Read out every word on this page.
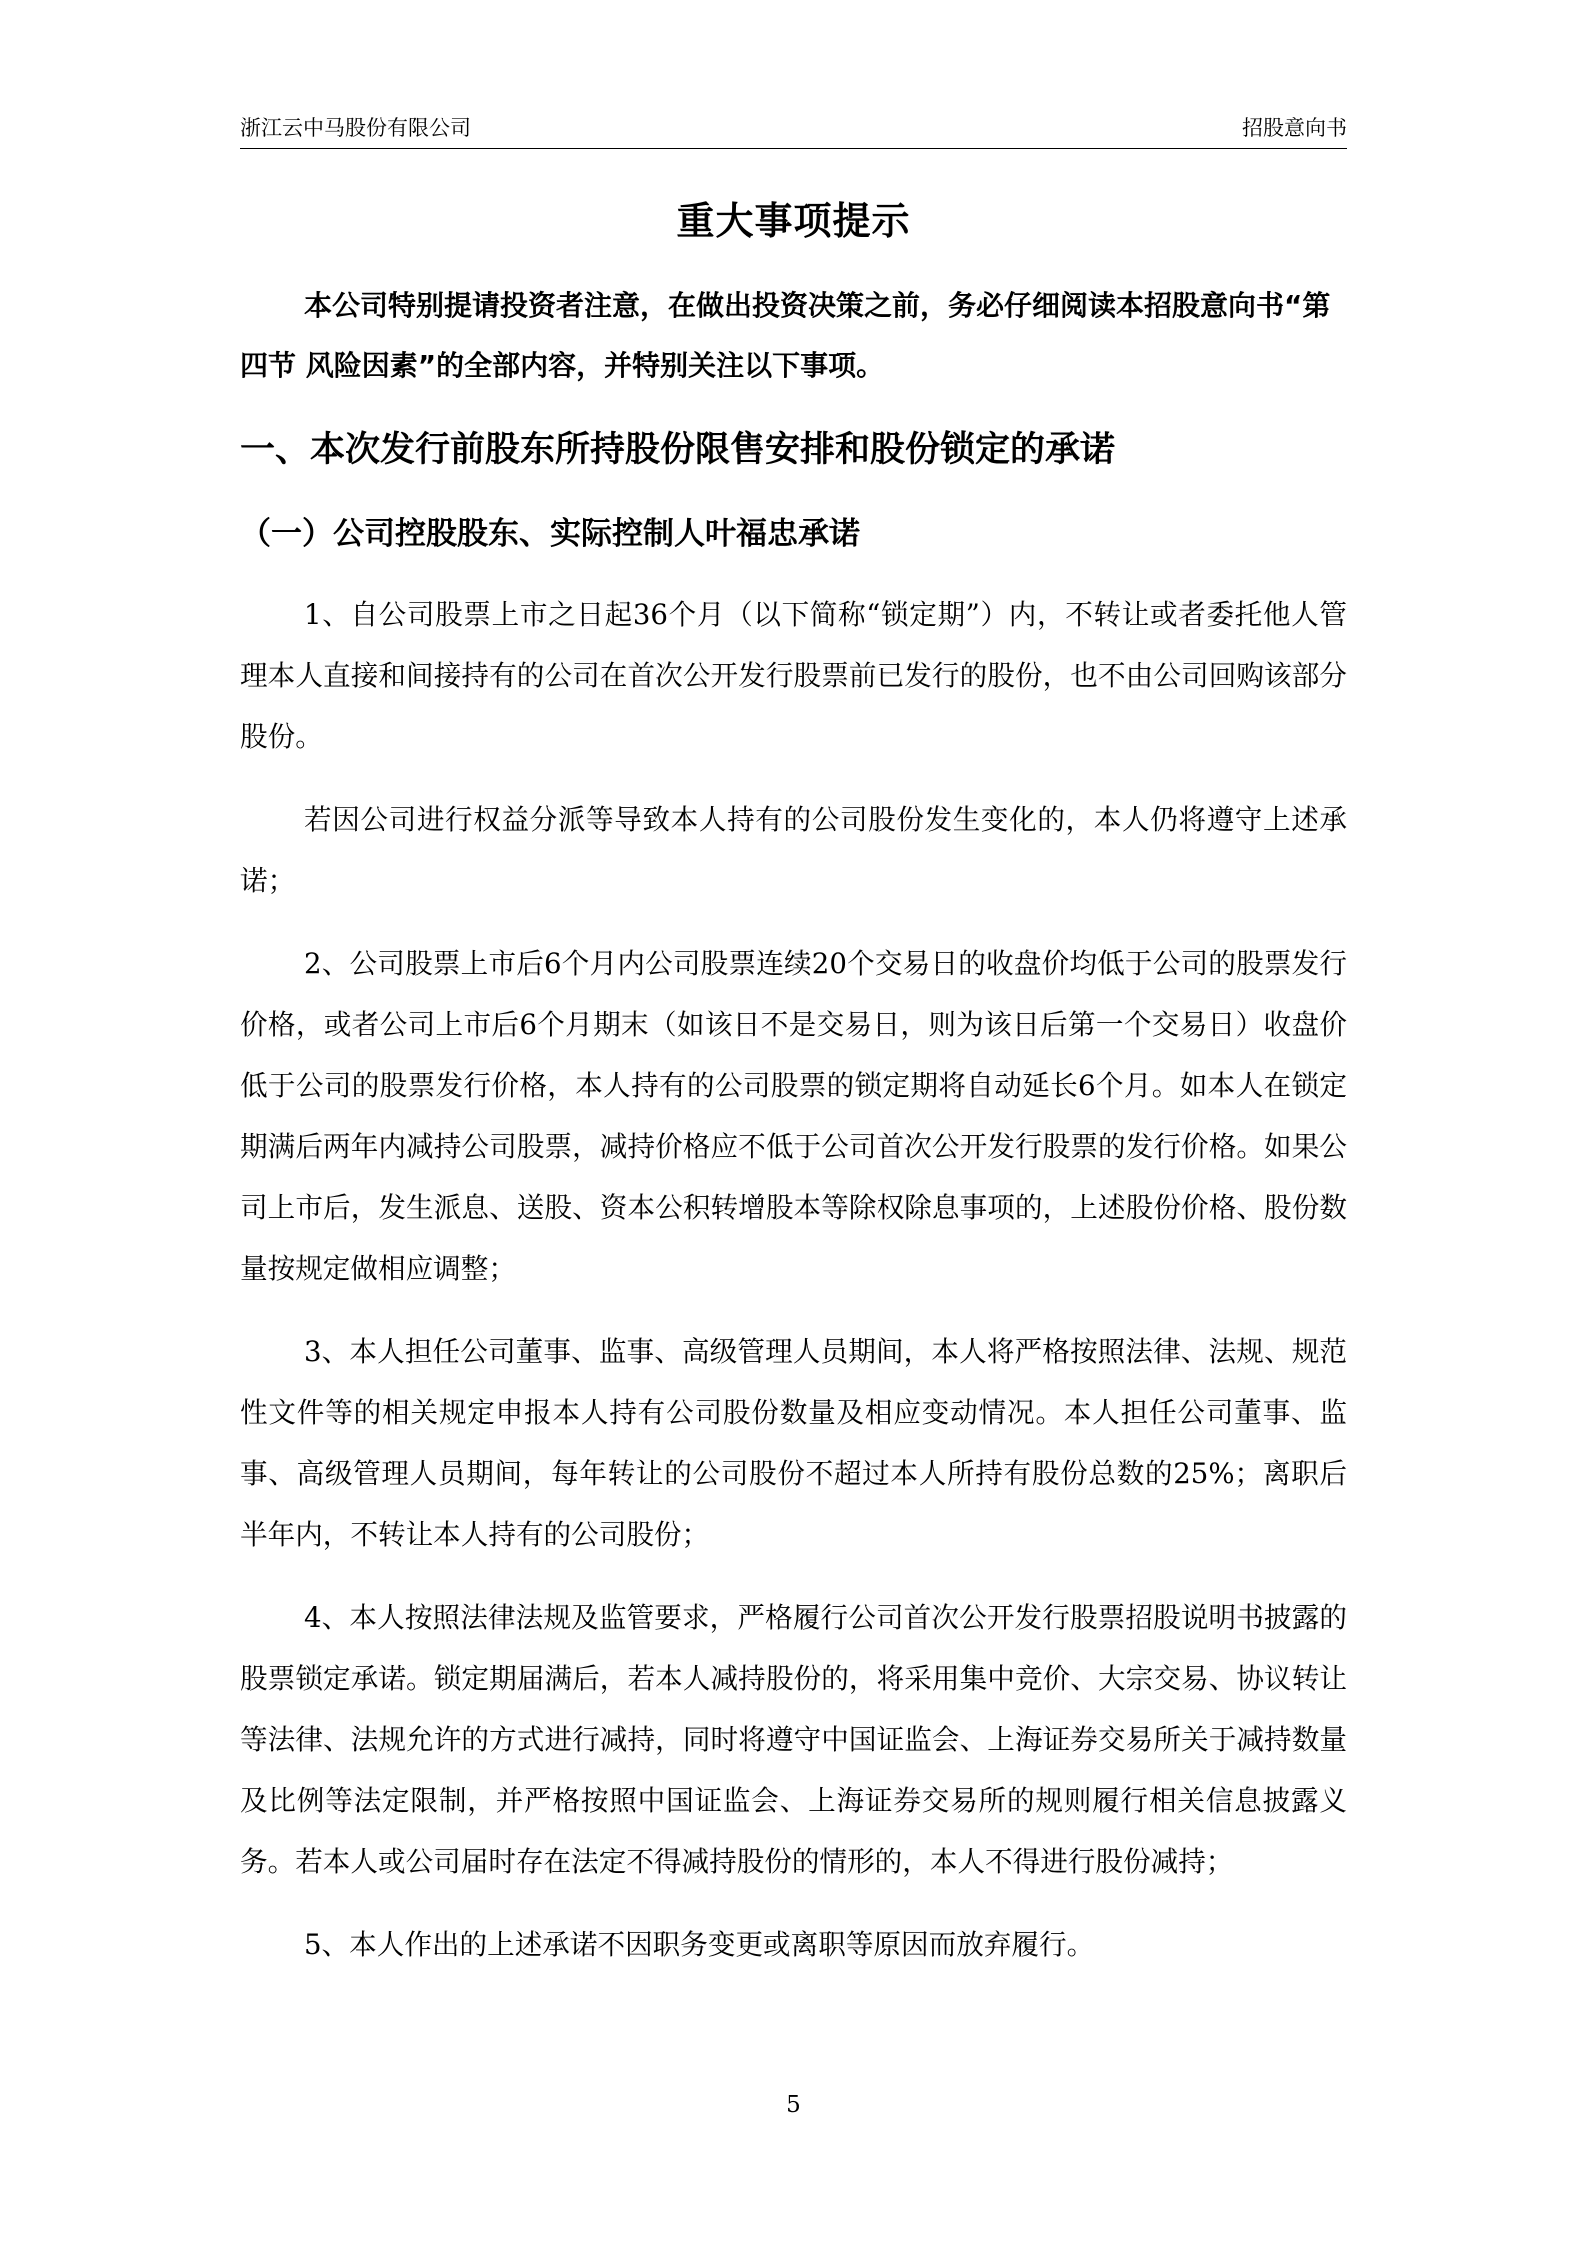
浙江云中马股份有限公司	招股意向书
重大事项提示
本公司特别提请投资者注意，在做出投资决策之前，务必仔细阅读本招股意向书“第四节 风险因素”的全部内容，并特别关注以下事项。
一、本次发行前股东所持股份限售安排和股份锁定的承诺
（一）公司控股股东、实际控制人叶福忠承诺
1、自公司股票上市之日起36个月（以下简称“锁定期”）内，不转让或者委托他人管理本人直接和间接持有的公司在首次公开发行股票前已发行的股份，也不由公司回购该部分股份。
若因公司进行权益分派等导致本人持有的公司股份发生变化的，本人仍将遵守上述承诺；
2、公司股票上市后6个月内公司股票连续20个交易日的收盘价均低于公司的股票发行价格，或者公司上市后6个月期末（如该日不是交易日，则为该日后第一个交易日）收盘价低于公司的股票发行价格，本人持有的公司股票的锁定期将自动延长6个月。如本人在锁定期满后两年内减持公司股票，减持价格应不低于公司首次公开发行股票的发行价格。如果公司上市后，发生派息、送股、资本公积转增股本等除权除息事项的，上述股份价格、股份数量按规定做相应调整；
3、本人担任公司董事、监事、高级管理人员期间，本人将严格按照法律、法规、规范性文件等的相关规定申报本人持有公司股份数量及相应变动情况。本人担任公司董事、监事、高级管理人员期间，每年转让的公司股份不超过本人所持有股份总数的25%；离职后半年内，不转让本人持有的公司股份；
4、本人按照法律法规及监管要求，严格履行公司首次公开发行股票招股说明书披露的股票锁定承诺。锁定期届满后，若本人减持股份的，将采用集中竞价、大宗交易、协议转让等法律、法规允许的方式进行减持，同时将遵守中国证监会、上海证券交易所关于减持数量及比例等法定限制，并严格按照中国证监会、上海证券交易所的规则履行相关信息披露义务。若本人或公司届时存在法定不得减持股份的情形的，本人不得进行股份减持；
5、本人作出的上述承诺不因职务变更或离职等原因而放弃履行。
5
